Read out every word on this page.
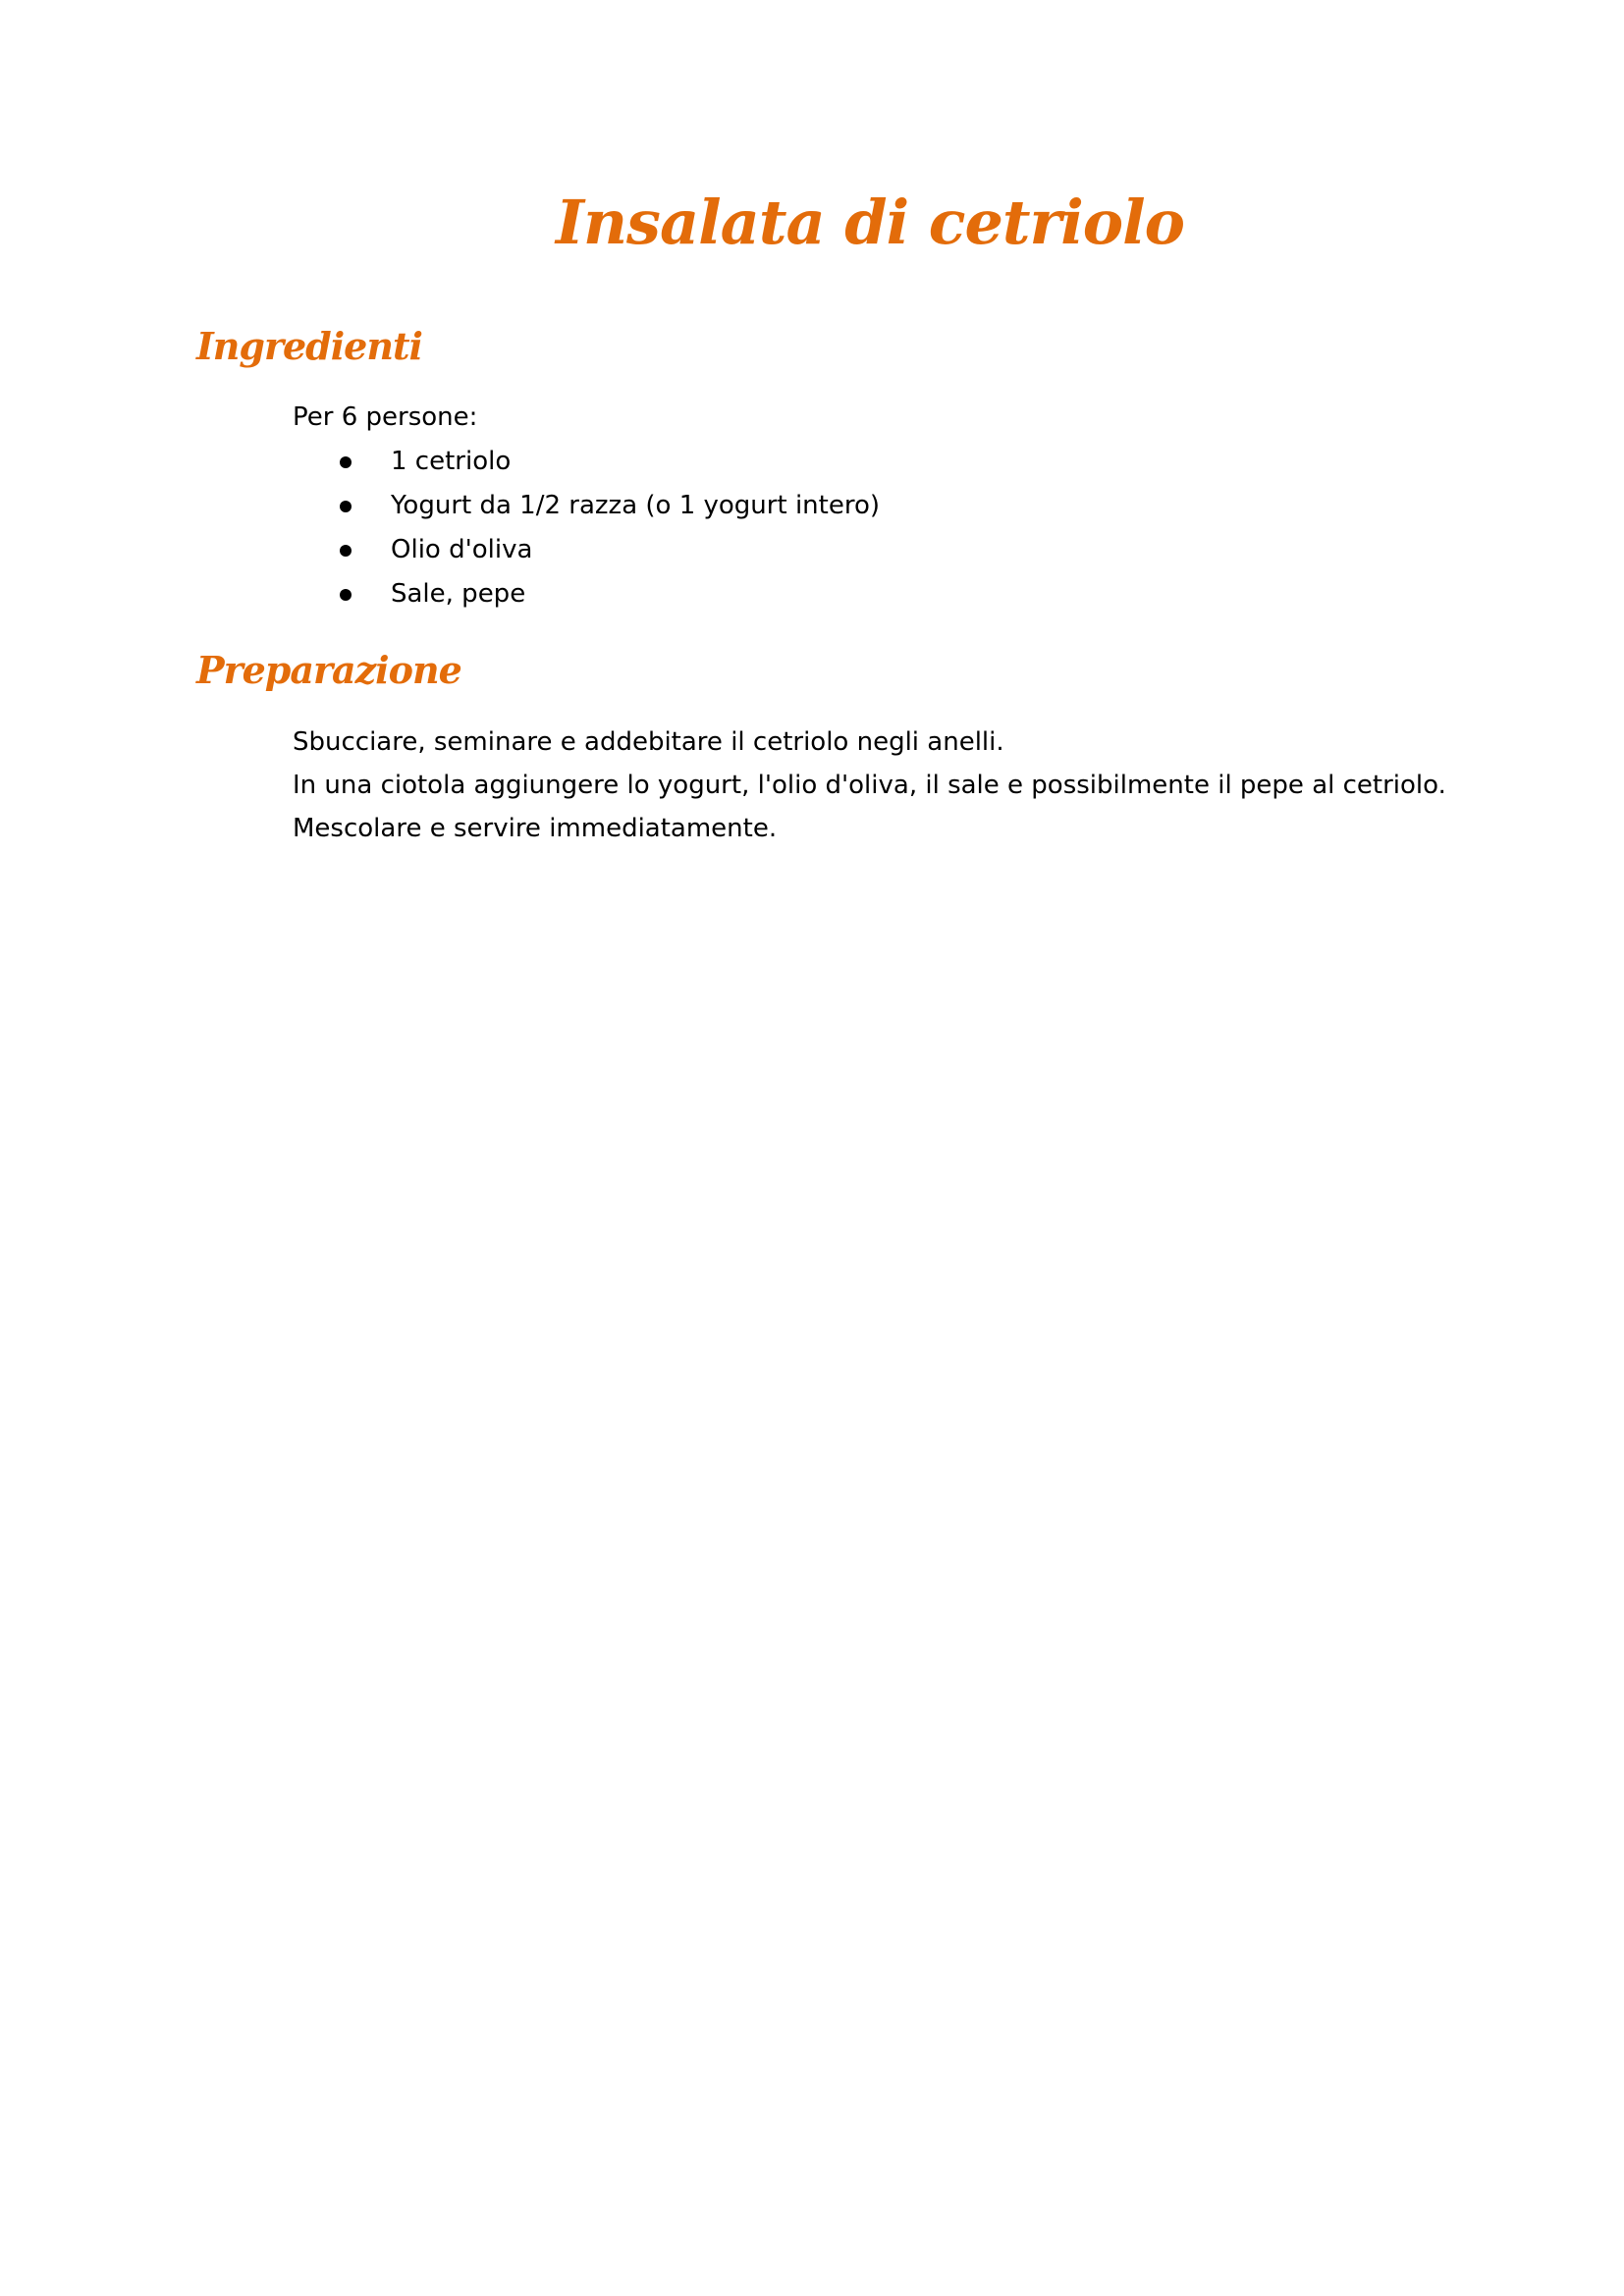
Insalata di cetriolo
Ingredienti
Per 6 persone:
1 cetriolo
Yogurt da 1/2 razza (o 1 yogurt intero)
Olio d'oliva
Sale, pepe
Preparazione
Sbucciare, seminare e addebitare il cetriolo negli anelli.
In una ciotola aggiungere lo yogurt, l'olio d'oliva, il sale e possibilmente il pepe al cetriolo.
Mescolare e servire immediatamente.
